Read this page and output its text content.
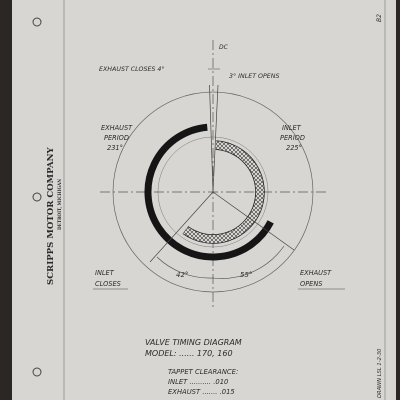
SCRIPPS MOTOR COMPANY DETROIT, MICHIGAN
B2
DRAWN LSL 1-2-30
DC
EXHAUST CLOSES 4°
3° INLET OPENS
EXHAUST
PERIOD
231°
INLET
PERIOD
225°
42°	55°
INLET
CLOSES
EXHAUST
OPENS
VALVE TIMING DIAGRAM
MODEL: ...... 170, 160
TAPPET CLEARANCE:
INLET .......... .010
EXHAUST ....... .015
